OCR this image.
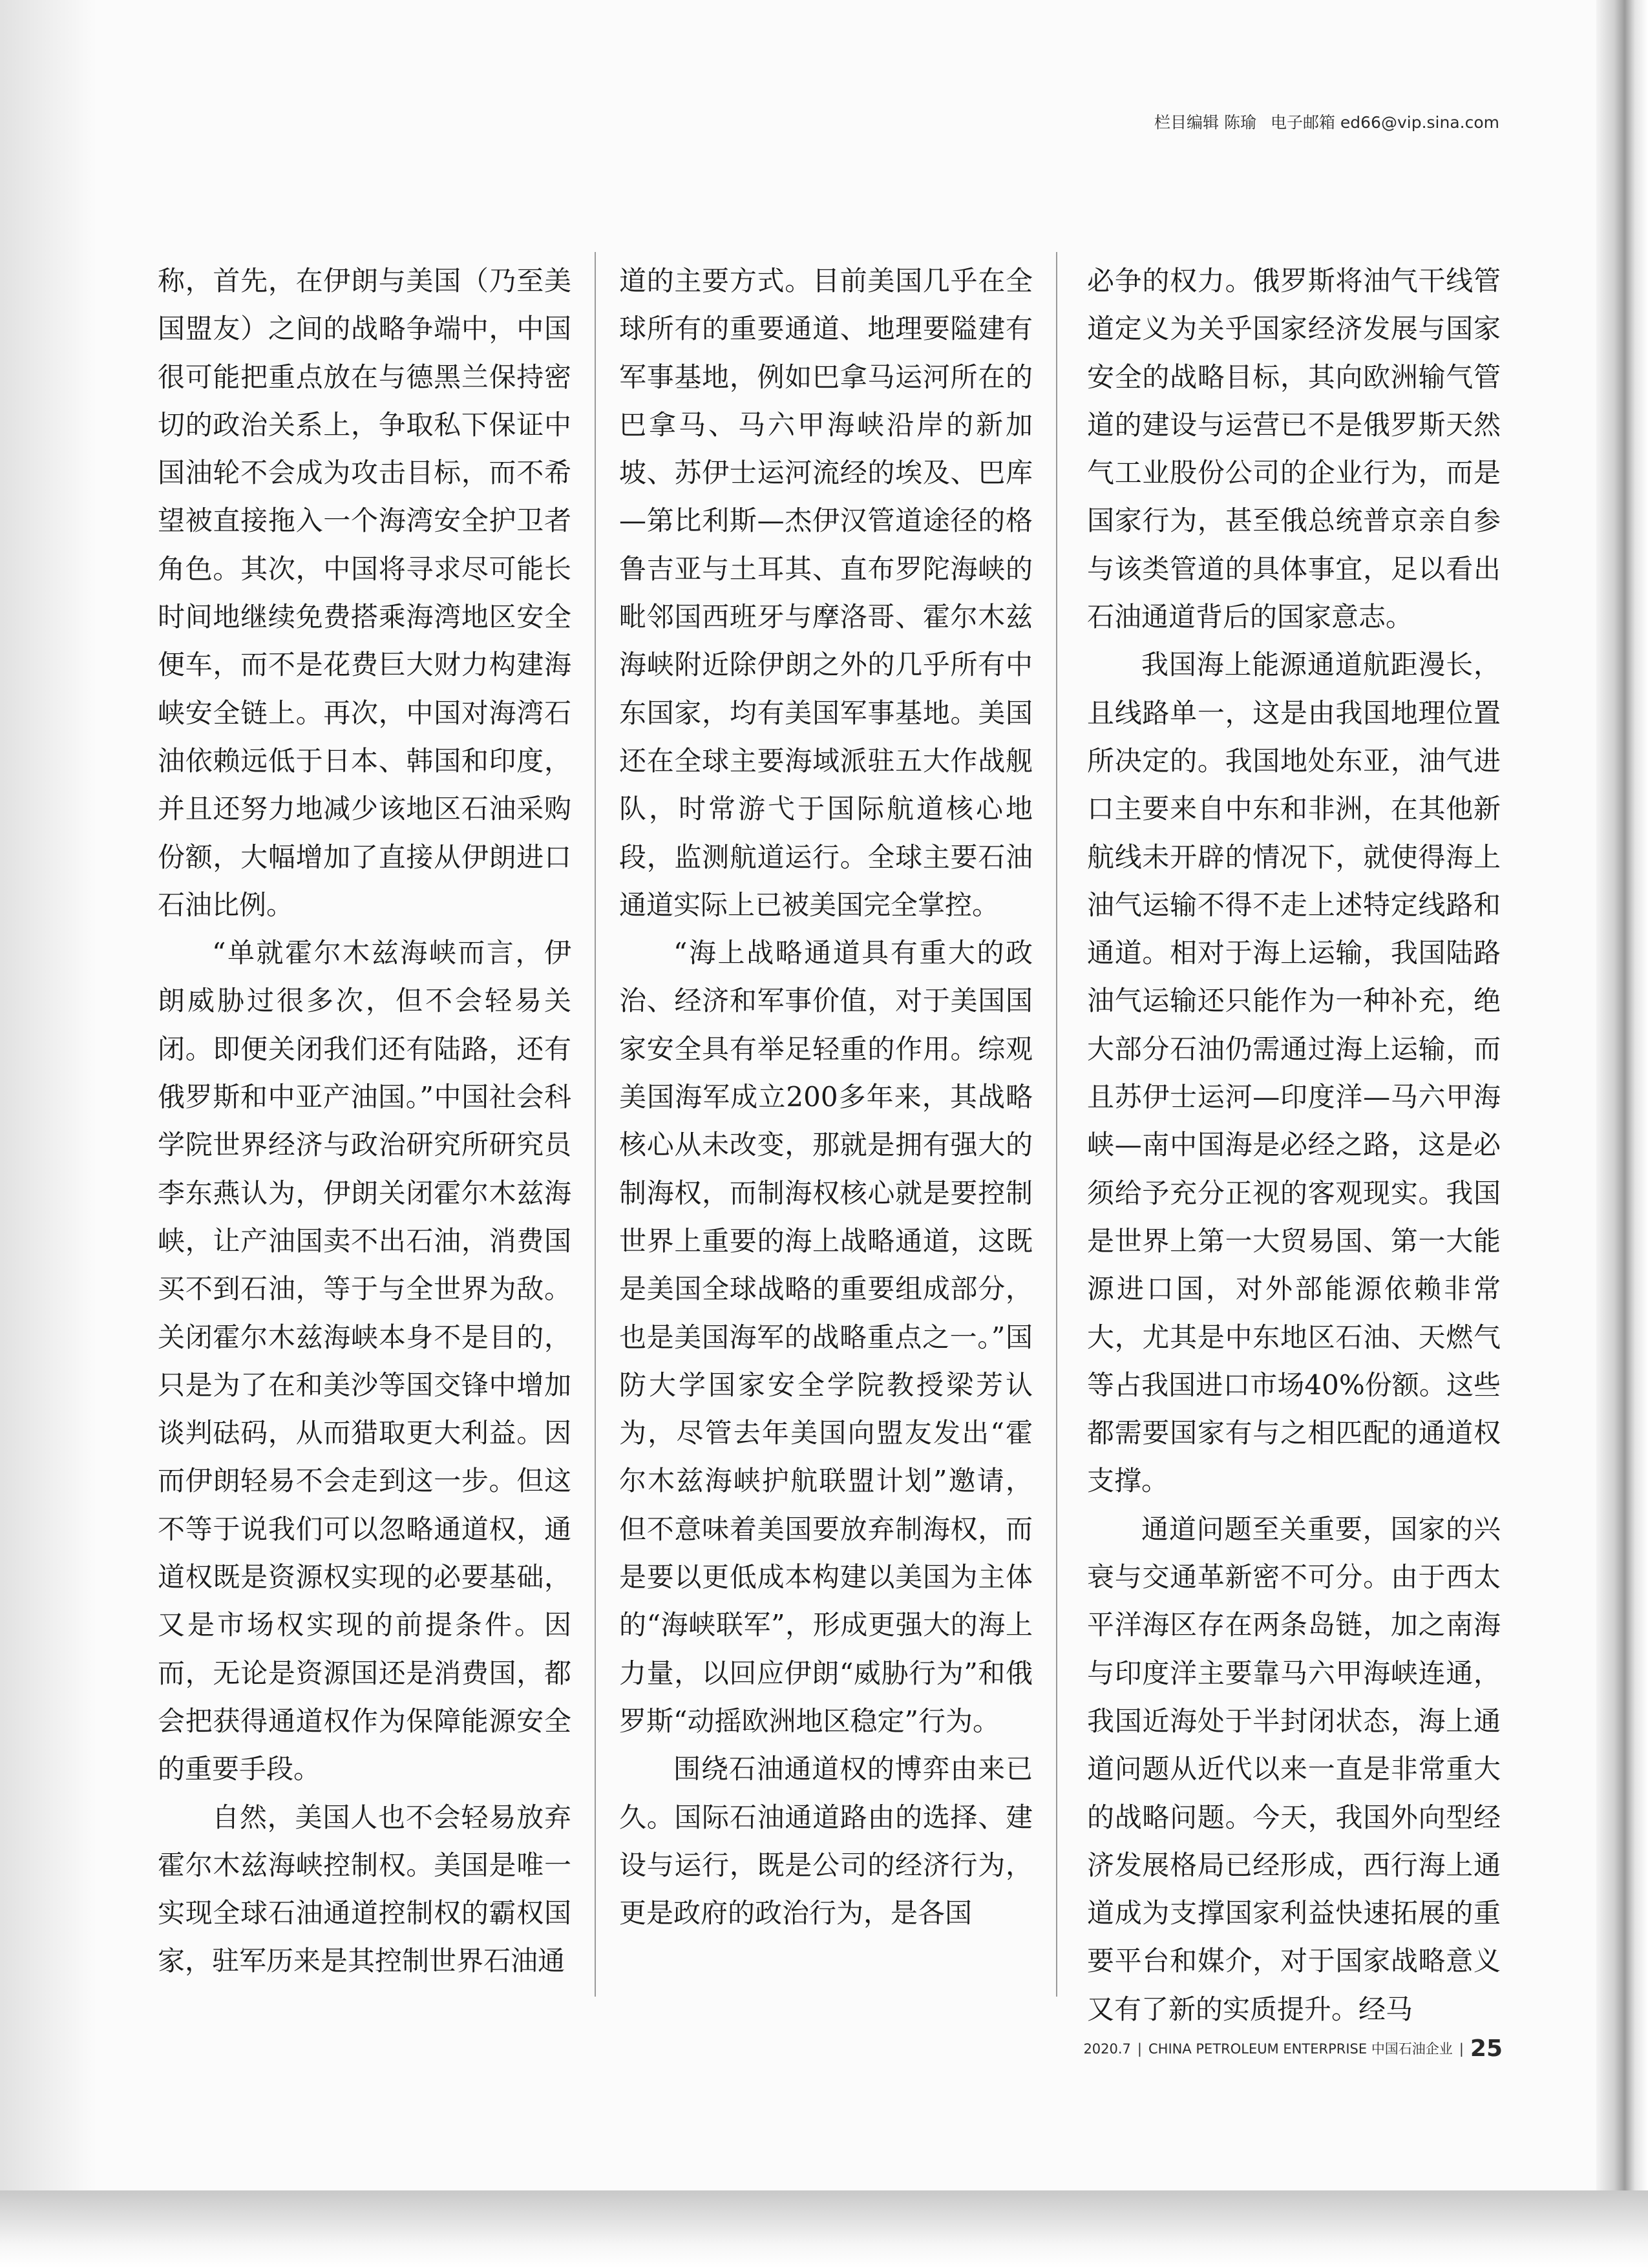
栏目编辑 陈瑜 电子邮箱 ed66@vip.sina.com

称，首先，在伊朗与美国（乃至美国盟友）之间的战略争端中，中国很可能把重点放在与德黑兰保持密切的政治关系上，争取私下保证中国油轮不会成为攻击目标，而不希望被直接拖入一个海湾安全护卫者角色。其次，中国将寻求尽可能长时间地继续免费搭乘海湾地区安全便车，而不是花费巨大财力构建海峡安全链上。再次，中国对海湾石油依赖远低于日本、韩国和印度，并且还努力地减少该地区石油采购份额，大幅增加了直接从伊朗进口石油比例。

“单就霍尔木兹海峡而言，伊朗威胁过很多次，但不会轻易关闭。即便关闭我们还有陆路，还有俄罗斯和中亚产油国。”中国社会科学院世界经济与政治研究所研究员李东燕认为，伊朗关闭霍尔木兹海峡，让产油国卖不出石油，消费国买不到石油，等于与全世界为敌。关闭霍尔木兹海峡本身不是目的，只是为了在和美沙等国交锋中增加谈判砝码，从而猎取更大利益。因而伊朗轻易不会走到这一步。但这不等于说我们可以忽略通道权，通道权既是资源权实现的必要基础，又是市场权实现的前提条件。因而，无论是资源国还是消费国，都会把获得通道权作为保障能源安全的重要手段。

自然，美国人也不会轻易放弃霍尔木兹海峡控制权。美国是唯一实现全球石油通道控制权的霸权国家，驻军历来是其控制世界石油通

道的主要方式。目前美国几乎在全球所有的重要通道、地理要隘建有军事基地，例如巴拿马运河所在的巴拿马、马六甲海峡沿岸的新加坡、苏伊士运河流经的埃及、巴库—第比利斯—杰伊汉管道途径的格鲁吉亚与土耳其、直布罗陀海峡的毗邻国西班牙与摩洛哥、霍尔木兹海峡附近除伊朗之外的几乎所有中东国家，均有美国军事基地。美国还在全球主要海域派驻五大作战舰队，时常游弋于国际航道核心地段，监测航道运行。全球主要石油通道实际上已被美国完全掌控。

“海上战略通道具有重大的政治、经济和军事价值，对于美国国家安全具有举足轻重的作用。综观美国海军成立200多年来，其战略核心从未改变，那就是拥有强大的制海权，而制海权核心就是要控制世界上重要的海上战略通道，这既是美国全球战略的重要组成部分，也是美国海军的战略重点之一。”国防大学国家安全学院教授梁芳认为，尽管去年美国向盟友发出“霍尔木兹海峡护航联盟计划”邀请，但不意味着美国要放弃制海权，而是要以更低成本构建以美国为主体的“海峡联军”，形成更强大的海上力量，以回应伊朗“威胁行为”和俄罗斯“动摇欧洲地区稳定”行为。

围绕石油通道权的博弈由来已久。国际石油通道路由的选择、建设与运行，既是公司的经济行为，更是政府的政治行为，是各国

必争的权力。俄罗斯将油气干线管道定义为关乎国家经济发展与国家安全的战略目标，其向欧洲输气管道的建设与运营已不是俄罗斯天然气工业股份公司的企业行为，而是国家行为，甚至俄总统普京亲自参与该类管道的具体事宜，足以看出石油通道背后的国家意志。

我国海上能源通道航距漫长，且线路单一，这是由我国地理位置所决定的。我国地处东亚，油气进口主要来自中东和非洲，在其他新航线未开辟的情况下，就使得海上油气运输不得不走上述特定线路和通道。相对于海上运输，我国陆路油气运输还只能作为一种补充，绝大部分石油仍需通过海上运输，而且苏伊士运河—印度洋—马六甲海峡—南中国海是必经之路，这是必须给予充分正视的客观现实。我国是世界上第一大贸易国、第一大能源进口国，对外部能源依赖非常大，尤其是中东地区石油、天燃气等占我国进口市场40%份额。这些都需要国家有与之相匹配的通道权支撑。

通道问题至关重要，国家的兴衰与交通革新密不可分。由于西太平洋海区存在两条岛链，加之南海与印度洋主要靠马六甲海峡连通，我国近海处于半封闭状态，海上通道问题从近代以来一直是非常重大的战略问题。今天，我国外向型经济发展格局已经形成，西行海上通道成为支撑国家利益快速拓展的重要平台和媒介，对于国家战略意义又有了新的实质提升。经马

2020.7 | CHINA PETROLEUM ENTERPRISE 中国石油企业 | 25
